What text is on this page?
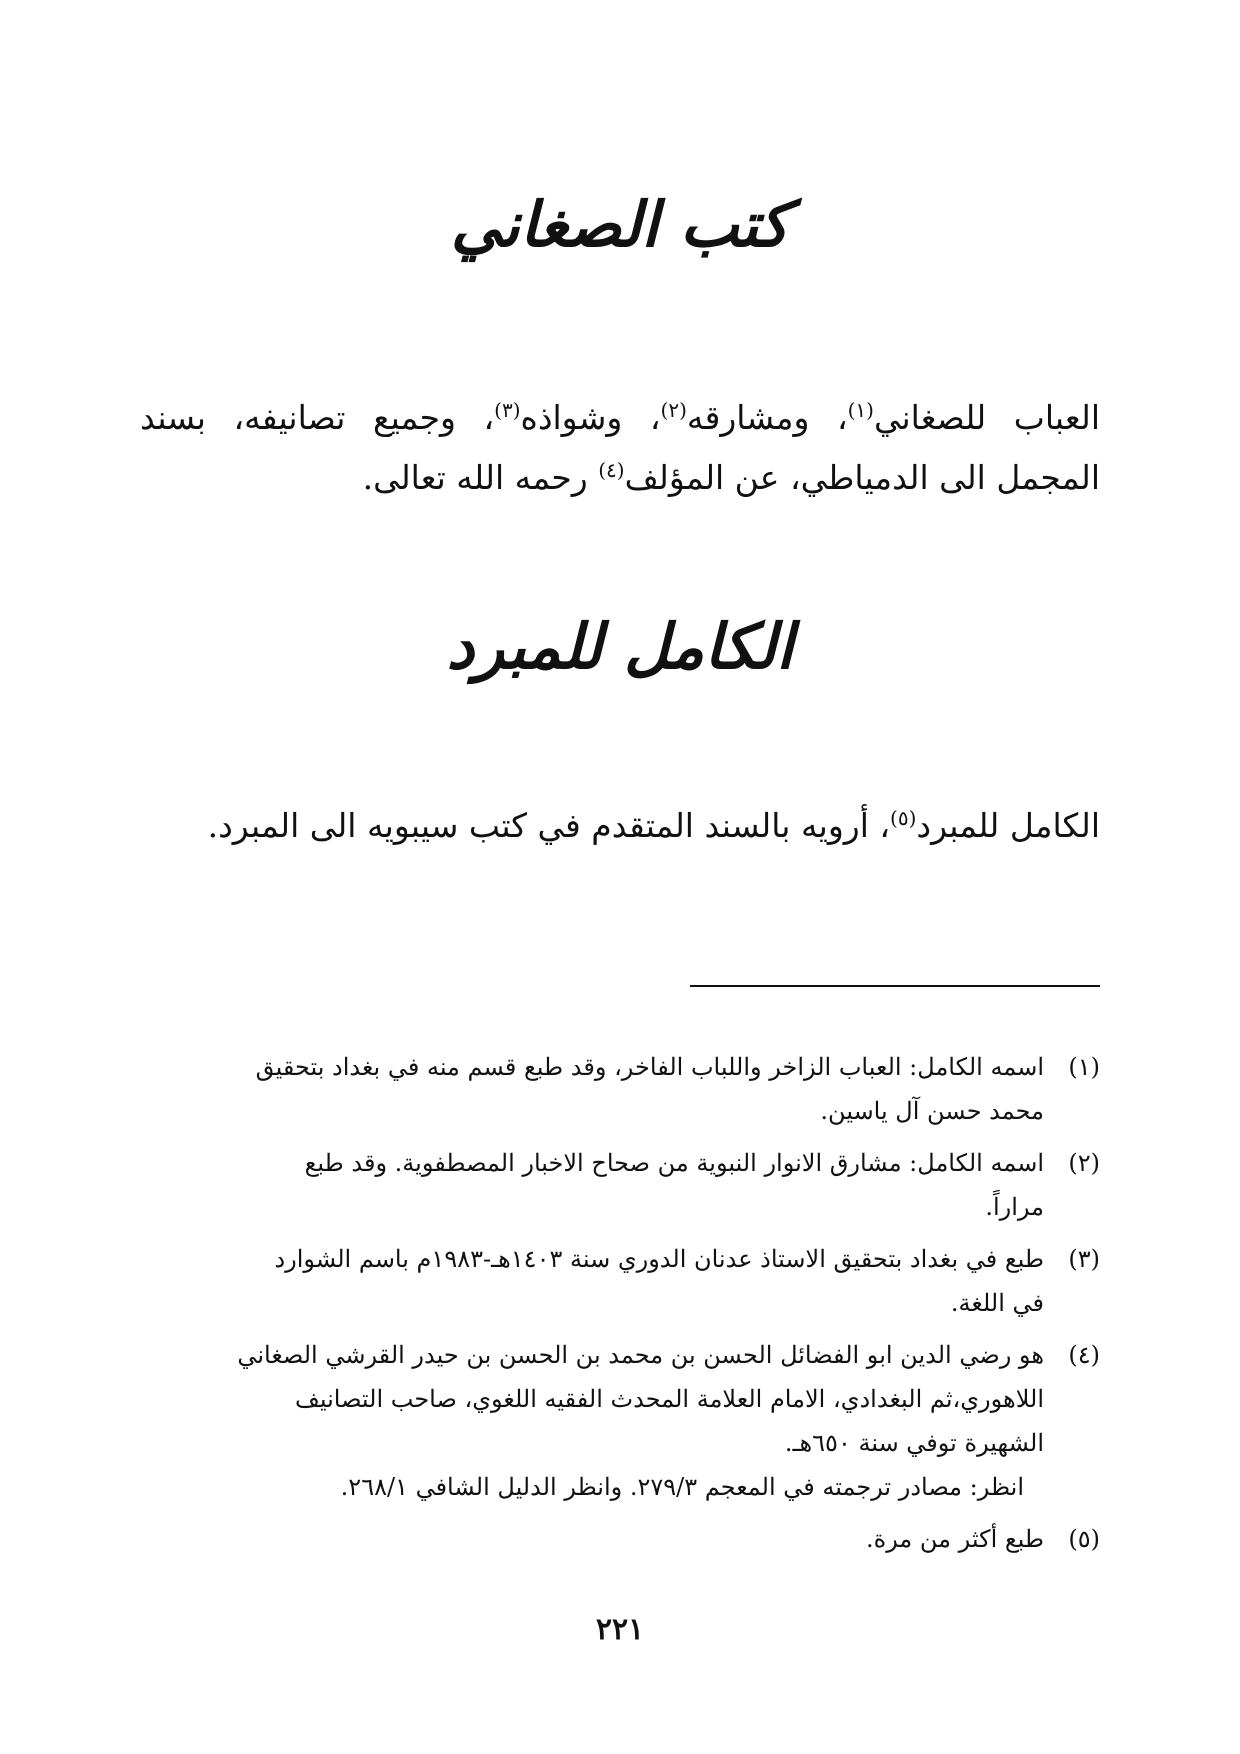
كتب الصغاني
العباب للصغاني$^{(١)}$، ومشارقه$^{(٢)}$، وشواذه$^{(٣)}$، وجميع تصانيفه، بسند المجمل الى الدمياطي، عن المؤلف$^{(٤)}$ رحمه الله تعالى.
الكامل للمبرد
الكامل للمبرد$^{(٥)}$، أرويه بالسند المتقدم في كتب سيبويه الى المبرد.
(١)
اسمه الكامل: العباب الزاخر واللباب الفاخر، وقد طبع قسم منه في بغداد بتحقيق
محمد حسن آل ياسين.
(٢)
اسمه الكامل: مشارق الانوار النبوية من صحاح الاخبار المصطفوية. وقد طبع
مراراً.
(٣)
طبع في بغداد بتحقيق الاستاذ عدنان الدوري سنة ١٤٠٣هـ-١٩٨٣م باسم الشوارد
في اللغة.
(٤)
هو رضي الدين ابو الفضائل الحسن بن محمد بن الحسن بن حيدر القرشي الصغاني
اللاهوري،ثم البغدادي، الامام العلامة المحدث الفقيه اللغوي، صاحب التصانيف
الشهيرة توفي سنة ٦٥٠هـ.
انظر: مصادر ترجمته في المعجم ٢٧٩/٣. وانظر الدليل الشافي ٢٦٨/١.
(٥)
طبع أكثر من مرة.
٢٢١
